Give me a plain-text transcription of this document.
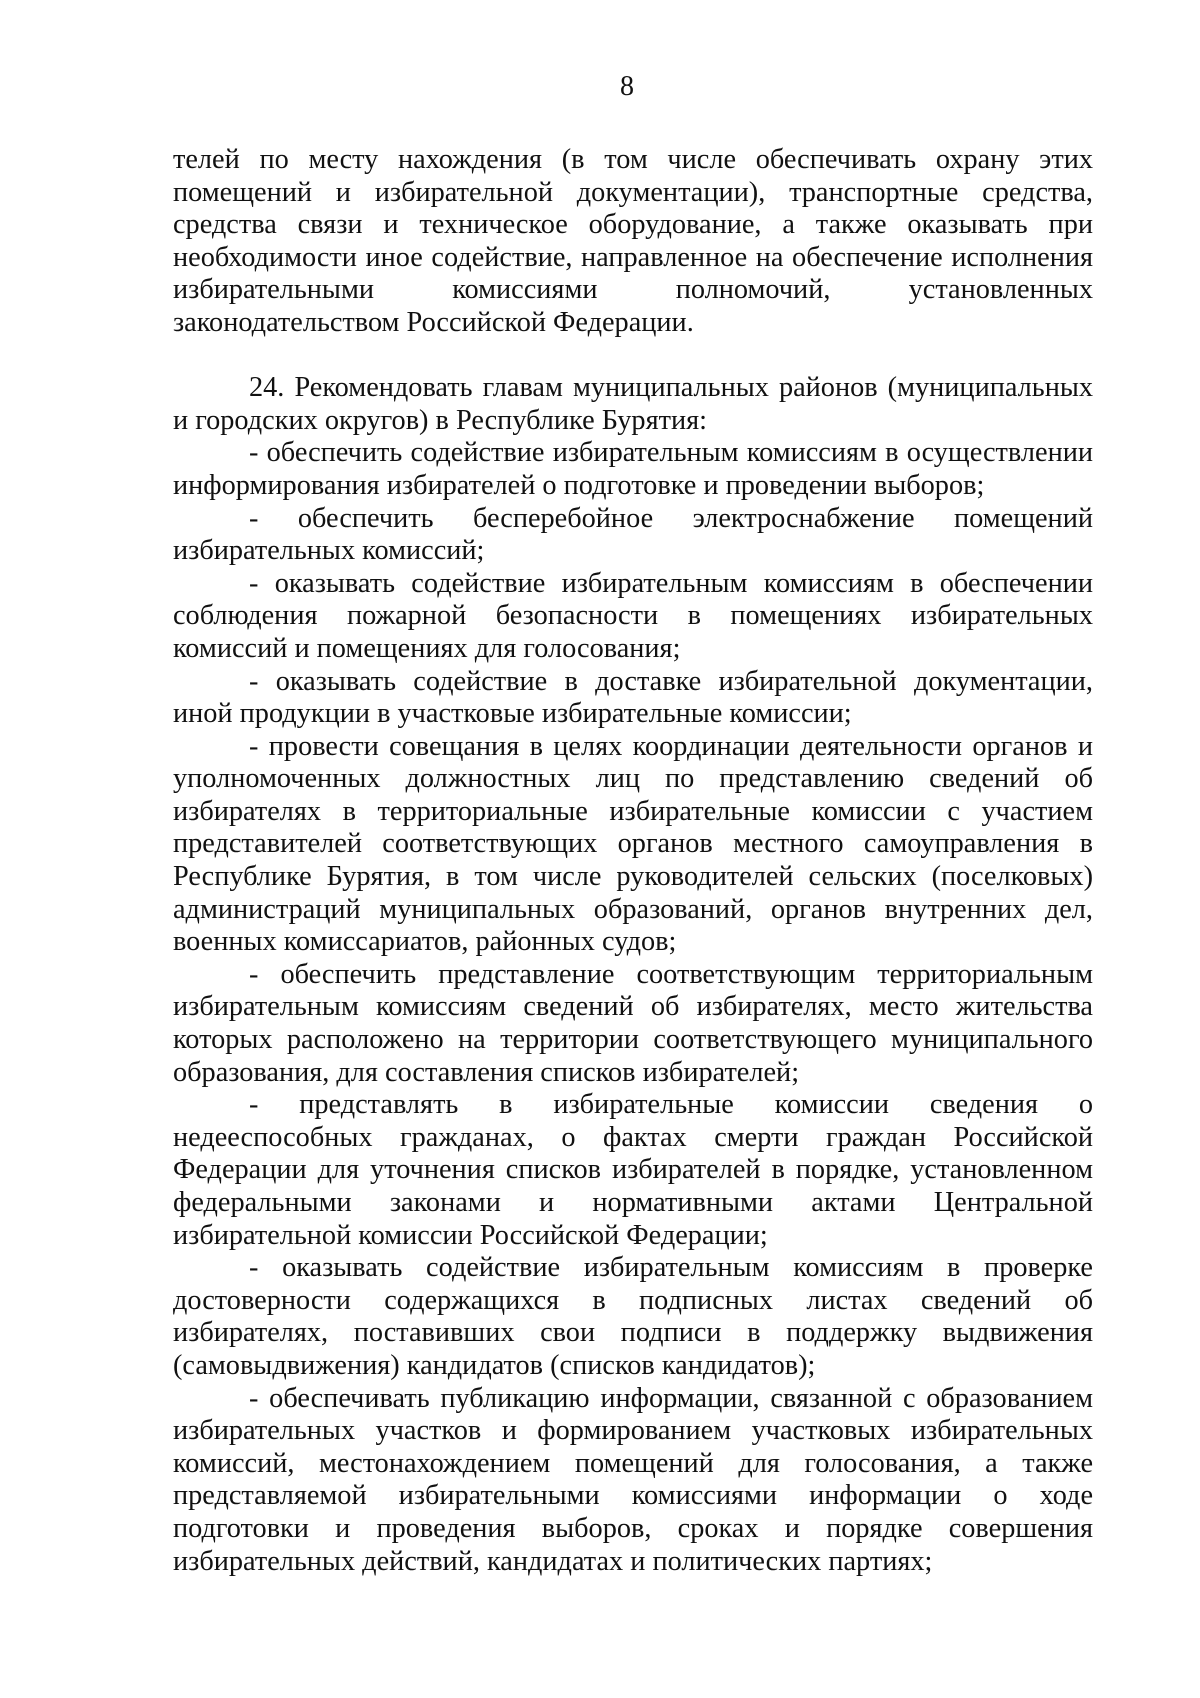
8

телей по месту нахождения (в том числе обеспечивать охрану этих помещений и избирательной документации), транспортные средства, средства связи и техническое оборудование, а также оказывать при необходимости иное содействие, направленное на обеспечение исполнения избирательными комиссиями полномочий, установленных законодательством Российской Федерации.

24. Рекомендовать главам муниципальных районов (муниципальных и городских округов) в Республике Бурятия:

- обеспечить содействие избирательным комиссиям в осуществлении информирования избирателей о подготовке и проведении выборов;

- обеспечить бесперебойное электроснабжение помещений избирательных комиссий;

- оказывать содействие избирательным комиссиям в обеспечении соблюдения пожарной безопасности в помещениях избирательных комиссий и помещениях для голосования;

- оказывать содействие в доставке избирательной документации, иной продукции в участковые избирательные комиссии;

- провести совещания в целях координации деятельности органов и уполномоченных должностных лиц по представлению сведений об избирателях в территориальные избирательные комиссии с участием представителей соответствующих органов местного самоуправления в Республике Бурятия, в том числе руководителей сельских (поселковых) администраций муниципальных образований, органов внутренних дел, военных комиссариатов, районных судов;

- обеспечить представление соответствующим территориальным избирательным комиссиям сведений об избирателях, место жительства которых расположено на территории соответствующего муниципального образования, для составления списков избирателей;

- представлять в избирательные комиссии сведения о недееспособных гражданах, о фактах смерти граждан Российской Федерации для уточнения списков избирателей в порядке, установленном федеральными законами и нормативными актами Центральной избирательной комиссии Российской Федерации;

- оказывать содействие избирательным комиссиям в проверке достоверности содержащихся в подписных листах сведений об избирателях, поставивших свои подписи в поддержку выдвижения (самовыдвижения) кандидатов (списков кандидатов);

- обеспечивать публикацию информации, связанной с образованием избирательных участков и формированием участковых избирательных комиссий, местонахождением помещений для голосования, а также представляемой избирательными комиссиями информации о ходе подготовки и проведения выборов, сроках и порядке совершения избирательных действий, кандидатах и политических партиях;
